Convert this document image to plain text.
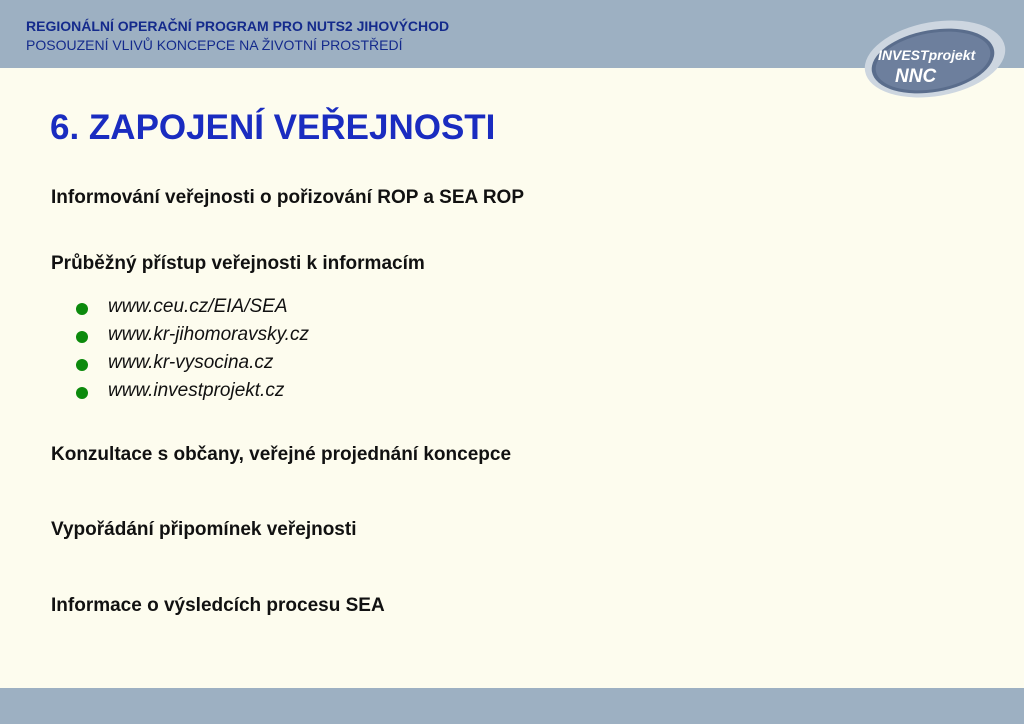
REGIONÁLNÍ OPERAČNÍ PROGRAM PRO NUTS2 JIHOVÝCHOD
POSOUZENÍ VLIVŮ KONCEPCE NA ŽIVOTNÍ PROSTŘEDÍ
INVESTprojekt
NNC
6. ZAPOJENÍ VEŘEJNOSTI
Informování veřejnosti o pořizování ROP a SEA ROP
Průběžný přístup veřejnosti k informacím
www.ceu.cz/EIA/SEA
www.kr-jihomoravsky.cz
www.kr-vysocina.cz
www.investprojekt.cz
Konzultace s občany, veřejné projednání koncepce
Vypořádání připomínek veřejnosti
Informace o výsledcích procesu SEA
